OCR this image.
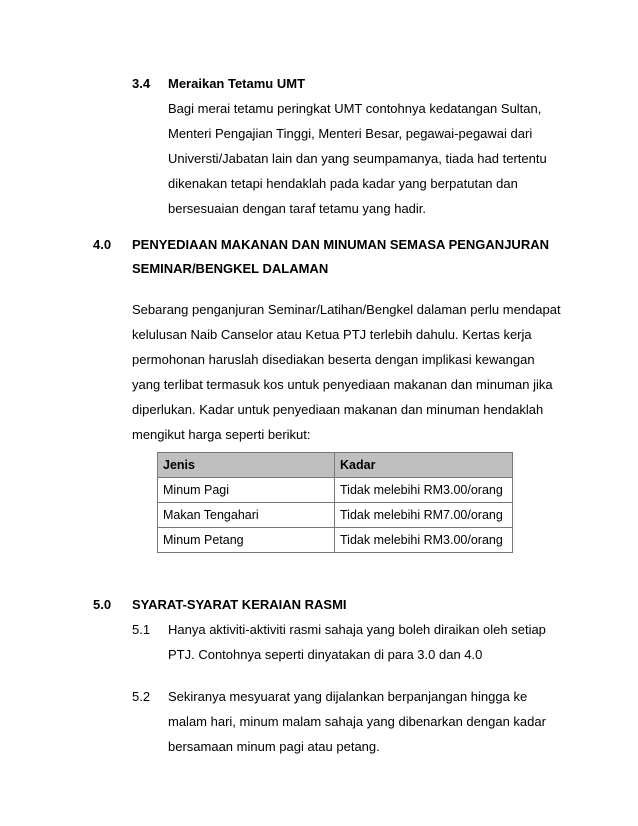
3.4 Meraikan Tetamu UMT
Bagi merai tetamu peringkat UMT contohnya kedatangan Sultan,
Menteri Pengajian Tinggi, Menteri Besar, pegawai-pegawai dari
Universti/Jabatan lain dan yang seumpamanya, tiada had tertentu
dikenakan tetapi hendaklah pada kadar yang berpatutan dan
bersesuaian dengan taraf tetamu yang hadir.
4.0 PENYEDIAAN MAKANAN DAN MINUMAN SEMASA PENGANJURAN
SEMINAR/BENGKEL DALAMAN
Sebarang penganjuran Seminar/Latihan/Bengkel dalaman perlu mendapat
kelulusan Naib Canselor atau Ketua PTJ terlebih dahulu. Kertas kerja
permohonan haruslah disediakan beserta dengan implikasi kewangan
yang terlibat termasuk kos untuk penyediaan makanan dan minuman jika
diperlukan. Kadar untuk penyediaan makanan dan minuman hendaklah
mengikut harga seperti berikut:
Jenis	Kadar
Minum Pagi	Tidak melebihi RM3.00/orang
Makan Tengahari	Tidak melebihi RM7.00/orang
Minum Petang	Tidak melebihi RM3.00/orang
5.0 SYARAT-SYARAT KERAIAN RASMI
5.1 Hanya aktiviti-aktiviti rasmi sahaja yang boleh diraikan oleh setiap
PTJ. Contohnya seperti dinyatakan di para 3.0 dan 4.0
5.2 Sekiranya mesyuarat yang dijalankan berpanjangan hingga ke
malam hari, minum malam sahaja yang dibenarkan dengan kadar
bersamaan minum pagi atau petang.
